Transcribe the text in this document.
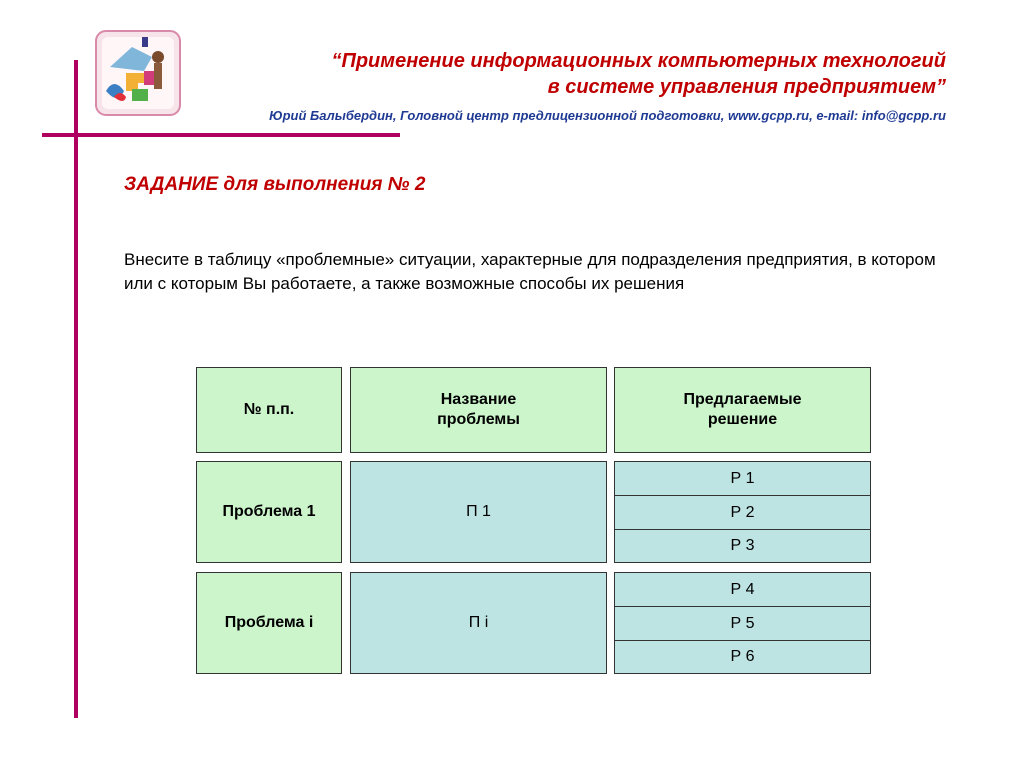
“Применение информационных компьютерных технологий
в системе управления предприятием”
Юрий Балыбердин, Головной центр предлицензионной подготовки, www.gcpp.ru, e-mail: info@gcpp.ru
ЗАДАНИЕ для выполнения № 2
Внесите в таблицу «проблемные» ситуации, характерные для подразделения предприятия, в котором или с которым Вы работаете, а также возможные способы их решения
№ п.п.
Название
проблемы
Предлагаемые
решение
Проблема 1	П 1
Р 1
Р 2
Р 3
Проблема i	П i
Р 4
Р 5
Р 6
